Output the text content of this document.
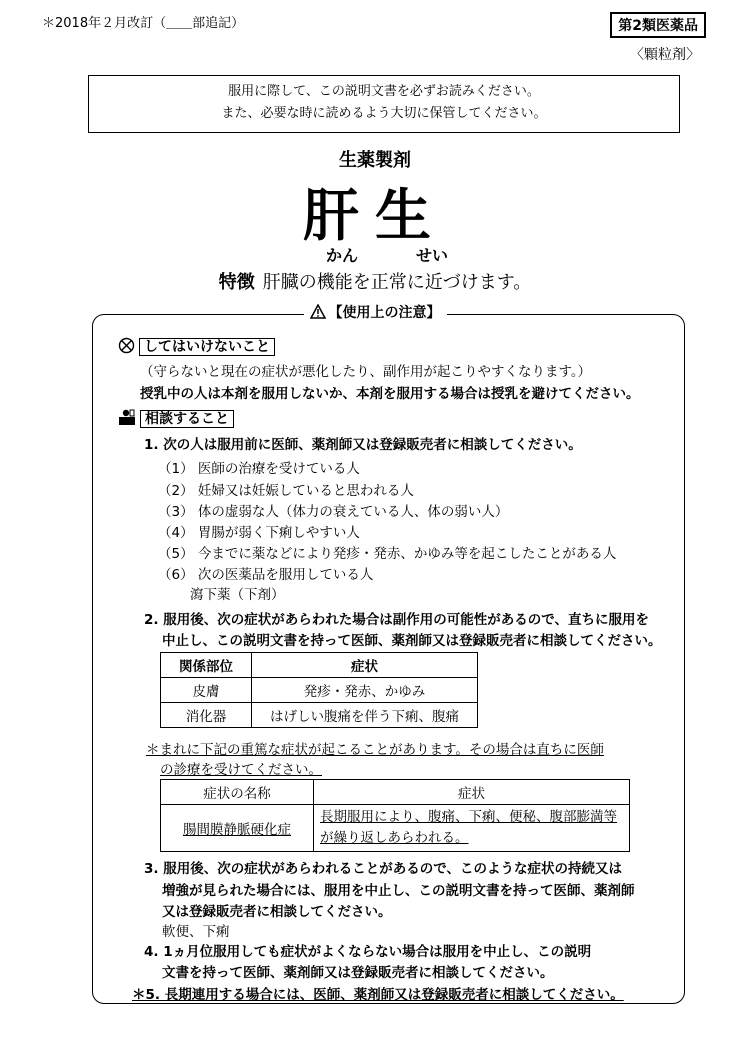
＊2018年２月改訂（＿＿部追記）	第2類医薬品
〈顆粒剤〉
服用に際して、この説明文書を必ずお読みください。
また、必要な時に読めるよう大切に保管してください。
生薬製剤
肝生
かん	せい
特徴 肝臓の機能を正常に近づけます。
【使用上の注意】
してはいけないこと
（守らないと現在の症状が悪化したり、副作用が起こりやすくなります。）
授乳中の人は本剤を服用しないか、本剤を服用する場合は授乳を避けてください。
相談すること
1. 次の人は服用前に医師、薬剤師又は登録販売者に相談してください。
（1） 医師の治療を受けている人
（2） 妊婦又は妊娠していると思われる人
（3） 体の虚弱な人（体力の衰えている人、体の弱い人）
（4） 胃腸が弱く下痢しやすい人
（5） 今までに薬などにより発疹・発赤、かゆみ等を起こしたことがある人
（6） 次の医薬品を服用している人
瀉下薬（下剤）
2. 服用後、次の症状があらわれた場合は副作用の可能性があるので、直ちに服用を
中止し、この説明文書を持って医師、薬剤師又は登録販売者に相談してください。
関係部位	症状
皮膚	発疹・発赤、かゆみ
消化器	はげしい腹痛を伴う下痢、腹痛
＊まれに下記の重篤な症状が起こることがあります。その場合は直ちに医師
の診療を受けてください。
症状の名称	症状
腸間膜静脈硬化症	長期服用により、腹痛、下痢、便秘、腹部膨満等
が繰り返しあらわれる。
3. 服用後、次の症状があらわれることがあるので、このような症状の持続又は
増強が見られた場合には、服用を中止し、この説明文書を持って医師、薬剤師
又は登録販売者に相談してください。
軟便、下痢
4. 1ヵ月位服用しても症状がよくならない場合は服用を中止し、この説明
文書を持って医師、薬剤師又は登録販売者に相談してください。
＊5. 長期連用する場合には、医師、薬剤師又は登録販売者に相談してください。
